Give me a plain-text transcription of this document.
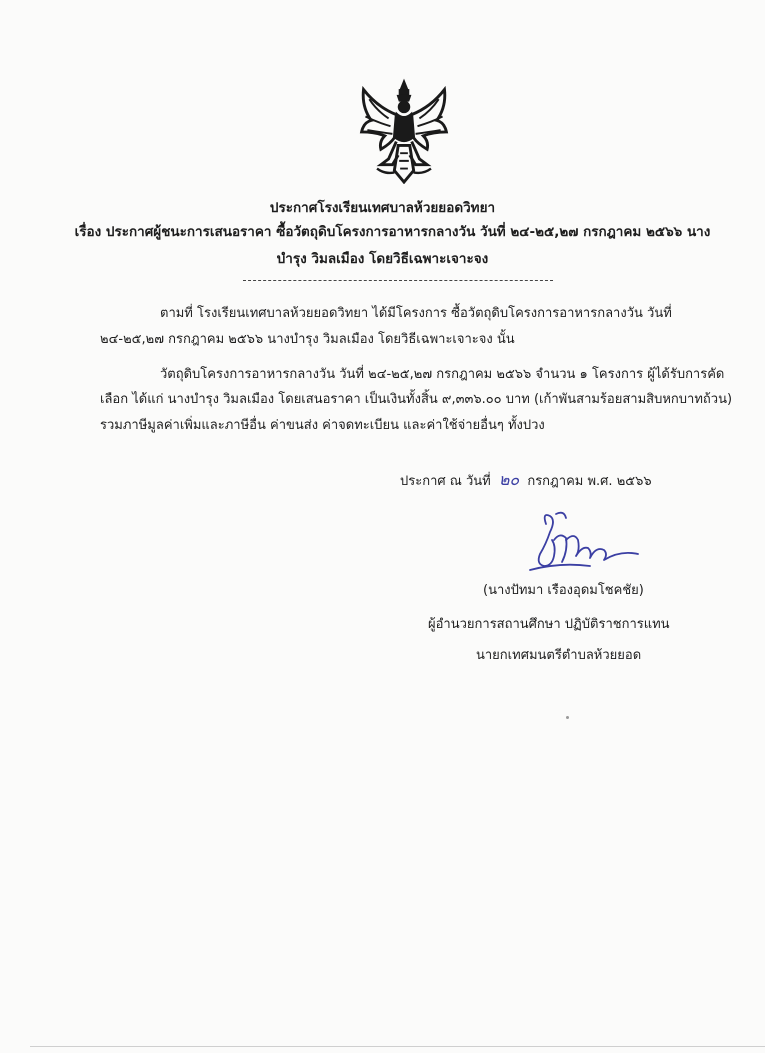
ประกาศโรงเรียนเทศบาลห้วยยอดวิทยา
เรื่อง ประกาศผู้ชนะการเสนอราคา ซื้อวัตถุดิบโครงการอาหารกลางวัน วันที่ ๒๔-๒๕,๒๗ กรกฎาคม ๒๕๖๖ นาง
บำรุง วิมลเมือง โดยวิธีเฉพาะเจาะจง
ตามที่ โรงเรียนเทศบาลห้วยยอดวิทยา ได้มีโครงการ ซื้อวัตถุดิบโครงการอาหารกลางวัน วันที่
๒๔-๒๕,๒๗ กรกฎาคม ๒๕๖๖ นางบำรุง วิมลเมือง โดยวิธีเฉพาะเจาะจง นั้น
วัตถุดิบโครงการอาหารกลางวัน วันที่ ๒๔-๒๕,๒๗ กรกฎาคม ๒๕๖๖ จำนวน ๑ โครงการ ผู้ได้รับการคัด
เลือก ได้แก่ นางบำรุง วิมลเมือง โดยเสนอราคา เป็นเงินทั้งสิ้น ๙,๓๓๖.๐๐ บาท (เก้าพันสามร้อยสามสิบหกบาทถ้วน)
รวมภาษีมูลค่าเพิ่มและภาษีอื่น ค่าขนส่ง ค่าจดทะเบียน และค่าใช้จ่ายอื่นๆ ทั้งปวง
ประกาศ ณ วันที่ ๒๐ กรกฎาคม พ.ศ. ๒๕๖๖
(นางปัทมา เรืองอุดมโชคชัย)
ผู้อำนวยการสถานศึกษา ปฏิบัติราชการแทน
นายกเทศมนตรีตำบลห้วยยอด
